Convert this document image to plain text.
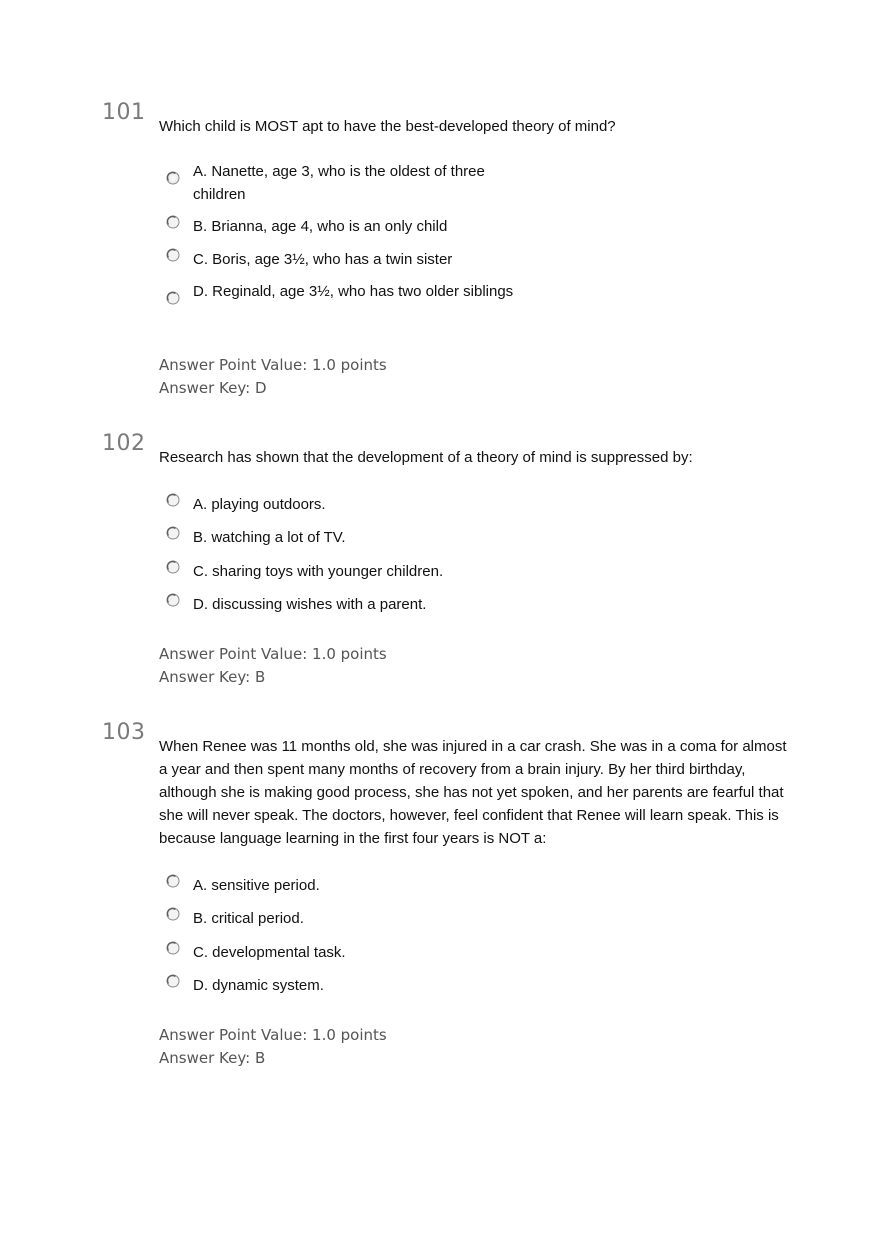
101
Which child is MOST apt to have the best-developed theory of mind?
A. Nanette, age 3, who is the oldest of three children
B. Brianna, age 4, who is an only child
C. Boris, age 3½, who has a twin sister
D. Reginald, age 3½, who has two older siblings
Answer Point Value: 1.0 points
Answer Key: D
102
Research has shown that the development of a theory of mind is suppressed by:
A. playing outdoors.
B. watching a lot of TV.
C. sharing toys with younger children.
D. discussing wishes with a parent.
Answer Point Value: 1.0 points
Answer Key: B
103
When Renee was 11 months old, she was injured in a car crash. She was in a coma for almost a year and then spent many months of recovery from a brain injury. By her third birthday, although she is making good process, she has not yet spoken, and her parents are fearful that she will never speak. The doctors, however, feel confident that Renee will learn speak. This is because language learning in the first four years is NOT a:
A. sensitive period.
B. critical period.
C. developmental task.
D. dynamic system.
Answer Point Value: 1.0 points
Answer Key: B
